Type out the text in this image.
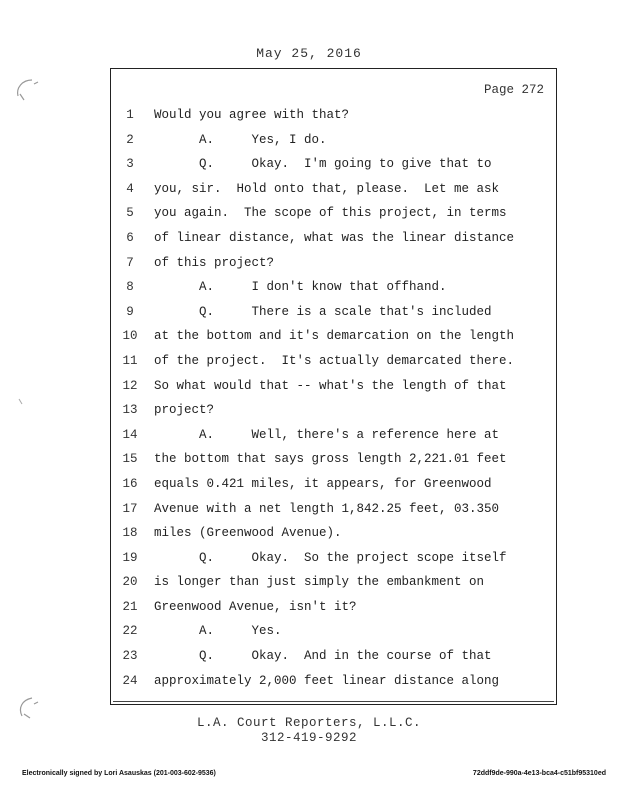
May 25, 2016
Page 272
1	Would you agree with that?
2	A.     Yes, I do.
3	Q.     Okay.  I'm going to give that to
4	you, sir.  Hold onto that, please.  Let me ask
5	you again.  The scope of this project, in terms
6	of linear distance, what was the linear distance
7	of this project?
8	A.     I don't know that offhand.
9	Q.     There is a scale that's included
10	at the bottom and it's demarcation on the length
11	of the project.  It's actually demarcated there.
12	So what would that -- what's the length of that
13	project?
14	A.     Well, there's a reference here at
15	the bottom that says gross length 2,221.01 feet
16	equals 0.421 miles, it appears, for Greenwood
17	Avenue with a net length 1,842.25 feet, 03.350
18	miles (Greenwood Avenue).
19	Q.     Okay.  So the project scope itself
20	is longer than just simply the embankment on
21	Greenwood Avenue, isn't it?
22	A.     Yes.
23	Q.     Okay.  And in the course of that
24	approximately 2,000 feet linear distance along
L.A. Court Reporters, L.L.C.
312-419-9292
Electronically signed by Lori Asauskas (201-003-602-9536)	72ddf9de-990a-4e13-bca4-c51bf95310ed
